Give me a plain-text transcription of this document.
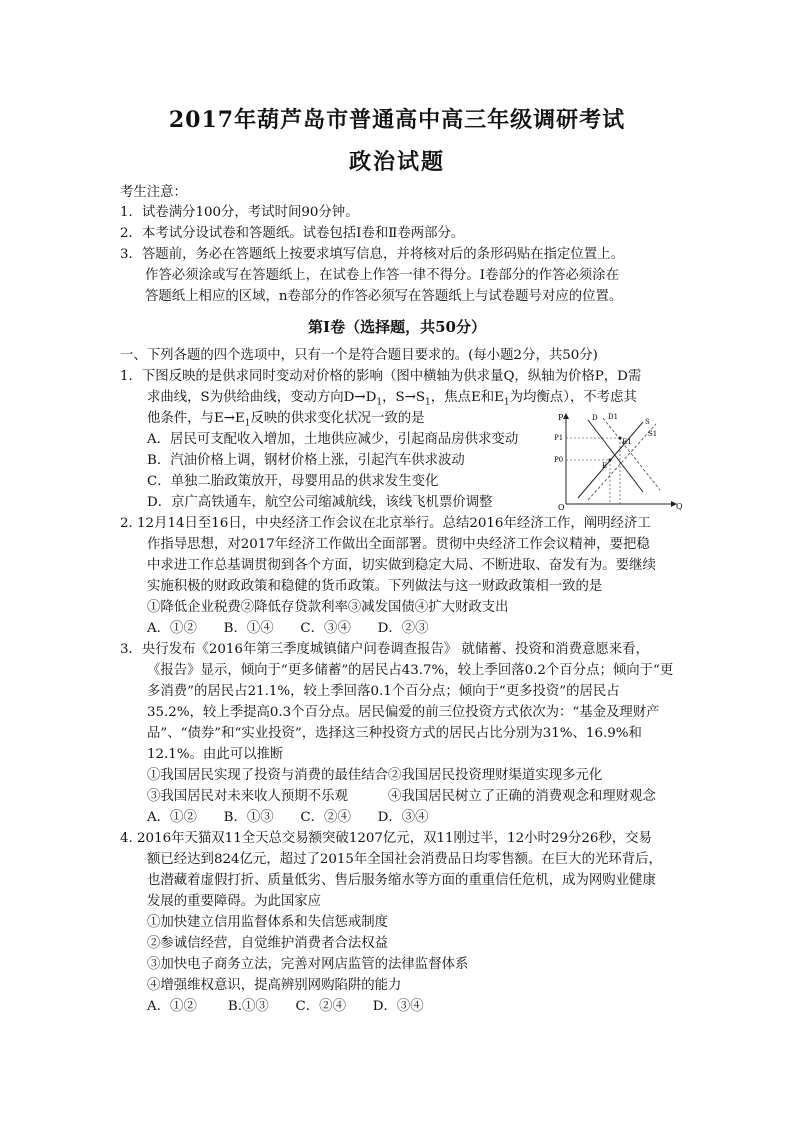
2017年葫芦岛市普通高中高三年级调研考试
政治试题
考生注意：
1．试卷满分100分，考试时间90分钟。
2．本考试分设试卷和答题纸。试卷包括Ⅰ卷和Ⅱ卷两部分。
3．答题前，务必在答题纸上按要求填写信息，并将核对后的条形码贴在指定位置上。
作答必须涂或写在答题纸上，在试卷上作答一律不得分。Ⅰ卷部分的作答必须涂在
答题纸上相应的区域，n卷部分的作答必须写在答题纸上与试卷题号对应的位置。
第Ⅰ卷（选择题，共50分）
一、下列各题的四个选项中，只有一个是符合题目要求的。(每小题2分，共50分)
1．下图反映的是供求同时变动对价格的影响（图中横轴为供求量Q，纵轴为价格P，D需
求曲线，S为供给曲线，变动方向$D\to D_1$，$S\to S_1$，焦点E和$E_1$为均衡点），不考虑其
他条件，与$E\to E_1$反映的供求变化状况一致的是
A．居民可支配收入增加，土地供应减少，引起商品房供求变动
B．汽油价格上调，钢材价格上涨，引起汽车供求波动
C．单独二胎政策放开，母婴用品的供求发生变化
D．京广高铁通车，航空公司缩减航线，该线飞机票价调整
P
Q
O
P1
P0
D D1
S
S1
E
E1
2. 12月14日至16日，中央经济工作会议在北京举行。总结2016年经济工作，阐明经济工
作指导思想，对2017年经济工作做出全面部署。贯彻中央经济工作会议精神，要把稳
中求进工作总基调贯彻到各个方面，切实做到稳定大局、不断进取、奋发有为。要继续
实施积极的财政政策和稳健的货币政策。下列做法与这一财政政策相一致的是
①降低企业税费②降低存贷款利率③减发国债④扩大财政支出
A．①②　　B．①④　　C．③④　　D．②③
3．央行发布《2016年第三季度城镇储户问卷调查报告》 就储蓄、投资和消费意愿来看，
《报告》显示，倾向于“更多储蓄”的居民占43.7%，较上季回落0.2个百分点；倾向于“更
多消费”的居民占21.1%，较上季回落0.1个百分点；倾向于“更多投资”的居民占
35.2%，较上季提高0.3个百分点。居民偏爱的前三位投资方式依次为：“基金及理财产
品”、“债券”和“实业投资”，选择这三种投资方式的居民占比分别为31%、16.9%和
12.1%。由此可以推断
①我国居民实现了投资与消费的最佳结合②我国居民投资理财渠道实现多元化
③我国居民对未来收人预期不乐观　　　④我国居民树立了正确的消费观念和理财观念
A．①②　　B．①③　　C．②④　　D．③④
4. 2016年天猫双11全天总交易额突破1207亿元，双11刚过半，12小时29分26秒，交易
额已经达到824亿元，超过了2015年全国社会消费品日均零售额。在巨大的光环背后，
也潜藏着虚假打折、质量低劣、售后服务缩水等方面的重重信任危机，成为网购业健康
发展的重要障碍。为此国家应
①加快建立信用监督体系和失信惩戒制度
②参诚信经营，自觉维护消费者合法权益
③加快电子商务立法，完善对网店监管的法律监督体系
④增强维权意识，提高辨别网购陷阱的能力
A．①②　　 B.①③　　C．②④　　D．③④
